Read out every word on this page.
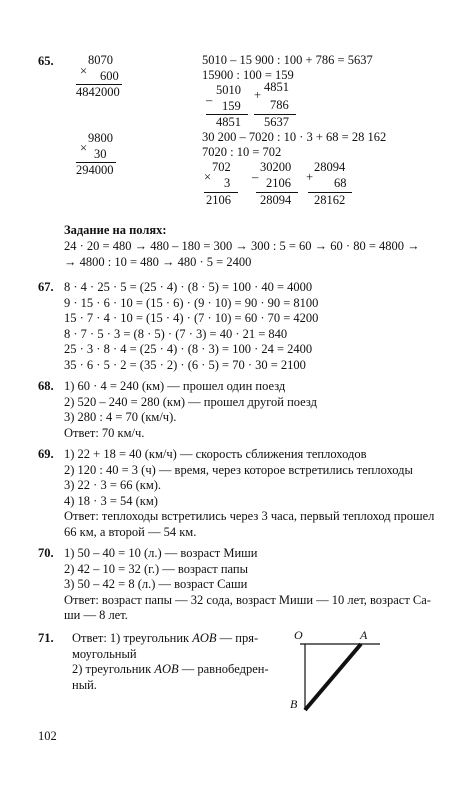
65.
×
8070
600
4842000
5010 – 15 900 : 100 + 786 = 5637
15900 : 100 = 159
–
5010
159
4851
+
4851
786
5637
×
9800
30
294000
30 200 – 7020 : 10 · 3 + 68 = 28 162
7020 : 10 = 702
×
702
3
2106
–
30200
2106
28094
+
28094
68
28162
Задание на полях:
24 · 20 = 480 → 480 – 180 = 300 → 300 : 5 = 60 → 60 · 80 = 4800 →
→ 4800 : 10 = 480 → 480 · 5 = 2400
67. 8 · 4 · 25 · 5 = (25 · 4) · (8 · 5) = 100 · 40 = 4000
9 · 15 · 6 · 10 = (15 · 6) · (9 · 10) = 90 · 90 = 8100
15 · 7 · 4 · 10 = (15 · 4) · (7 · 10) = 60 · 70 = 4200
8 · 7 · 5 · 3 = (8 · 5) · (7 · 3) = 40 · 21 = 840
25 · 3 · 8 · 4 = (25 · 4) · (8 · 3) = 100 · 24 = 2400
35 · 6 · 5 · 2 = (35 · 2) · (6 · 5) = 70 · 30 = 2100
68. 1) 60 · 4 = 240 (км) — прошел один поезд
2) 520 – 240 = 280 (км) — прошел другой поезд
3) 280 : 4 = 70 (км/ч).
Ответ: 70 км/ч.
69. 1) 22 + 18 = 40 (км/ч) — скорость сближения теплоходов
2) 120 : 40 = 3 (ч) — время, через которое встретились теплоходы
3) 22 · 3 = 66 (км).
4) 18 · 3 = 54 (км)
Ответ: теплоходы встретились через 3 часа, первый теплоход прошел
66 км, а второй — 54 км.
70. 1) 50 – 40 = 10 (л.) — возраст Миши
2) 42 – 10 = 32 (г.) — возраст папы
3) 50 – 42 = 8 (л.) — возраст Саши
Ответ: возраст папы — 32 сода, возраст Миши — 10 лет, возраст Са-
ши — 8 лет.
71. Ответ: 1) треугольник AOB — пря-
моугольный
2) треугольник AOB — равнобедрен-
ный.
O	A
B
102
